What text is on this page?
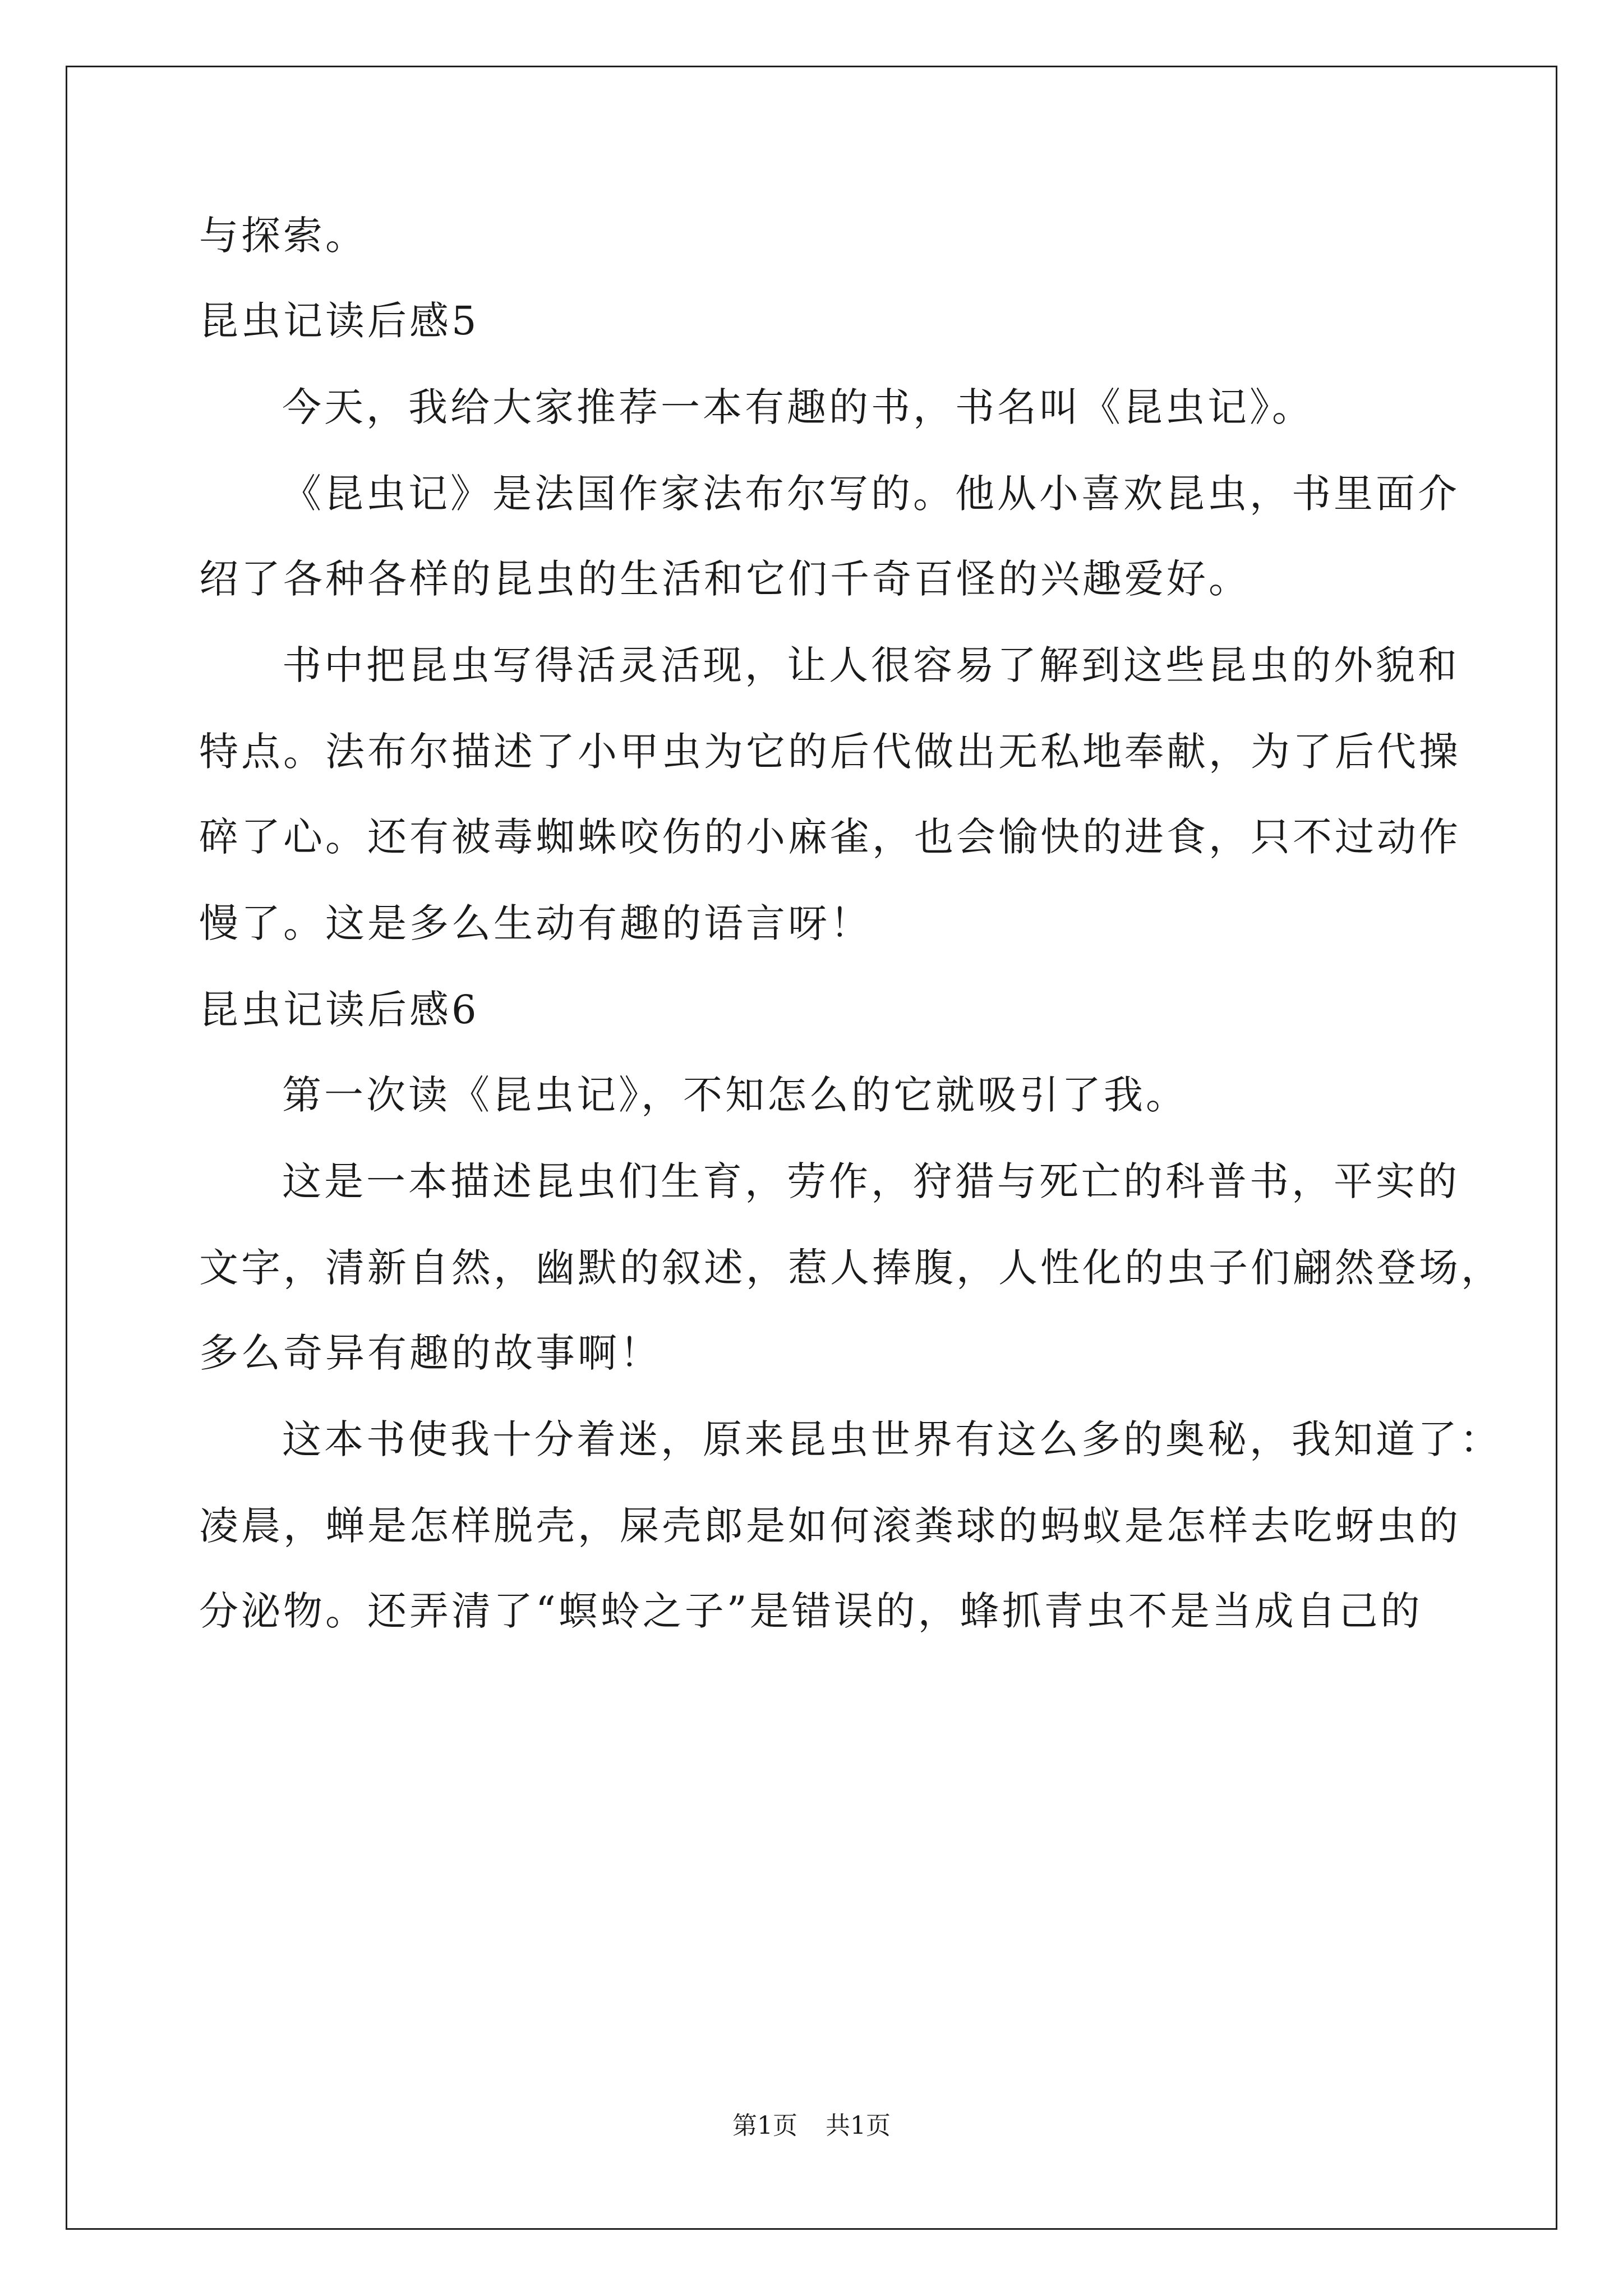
与探索。
昆虫记读后感5
今天，我给大家推荐一本有趣的书，书名叫《昆虫记》。
《昆虫记》是法国作家法布尔写的。他从小喜欢昆虫，书里面介
绍了各种各样的昆虫的生活和它们千奇百怪的兴趣爱好。
书中把昆虫写得活灵活现，让人很容易了解到这些昆虫的外貌和
特点。法布尔描述了小甲虫为它的后代做出无私地奉献，为了后代操
碎了心。还有被毒蜘蛛咬伤的小麻雀，也会愉快的进食，只不过动作
慢了。这是多么生动有趣的语言呀！
昆虫记读后感6
第一次读《昆虫记》，不知怎么的它就吸引了我。
这是一本描述昆虫们生育，劳作，狩猎与死亡的科普书，平实的
文字，清新自然，幽默的叙述，惹人捧腹，人性化的虫子们翩然登场，
多么奇异有趣的故事啊！
这本书使我十分着迷，原来昆虫世界有这么多的奥秘，我知道了：
凌晨，蝉是怎样脱壳，屎壳郎是如何滚粪球的蚂蚁是怎样去吃蚜虫的
分泌物。还弄清了“螟蛉之子”是错误的，蜂抓青虫不是当成自己的
第1页 共1页
